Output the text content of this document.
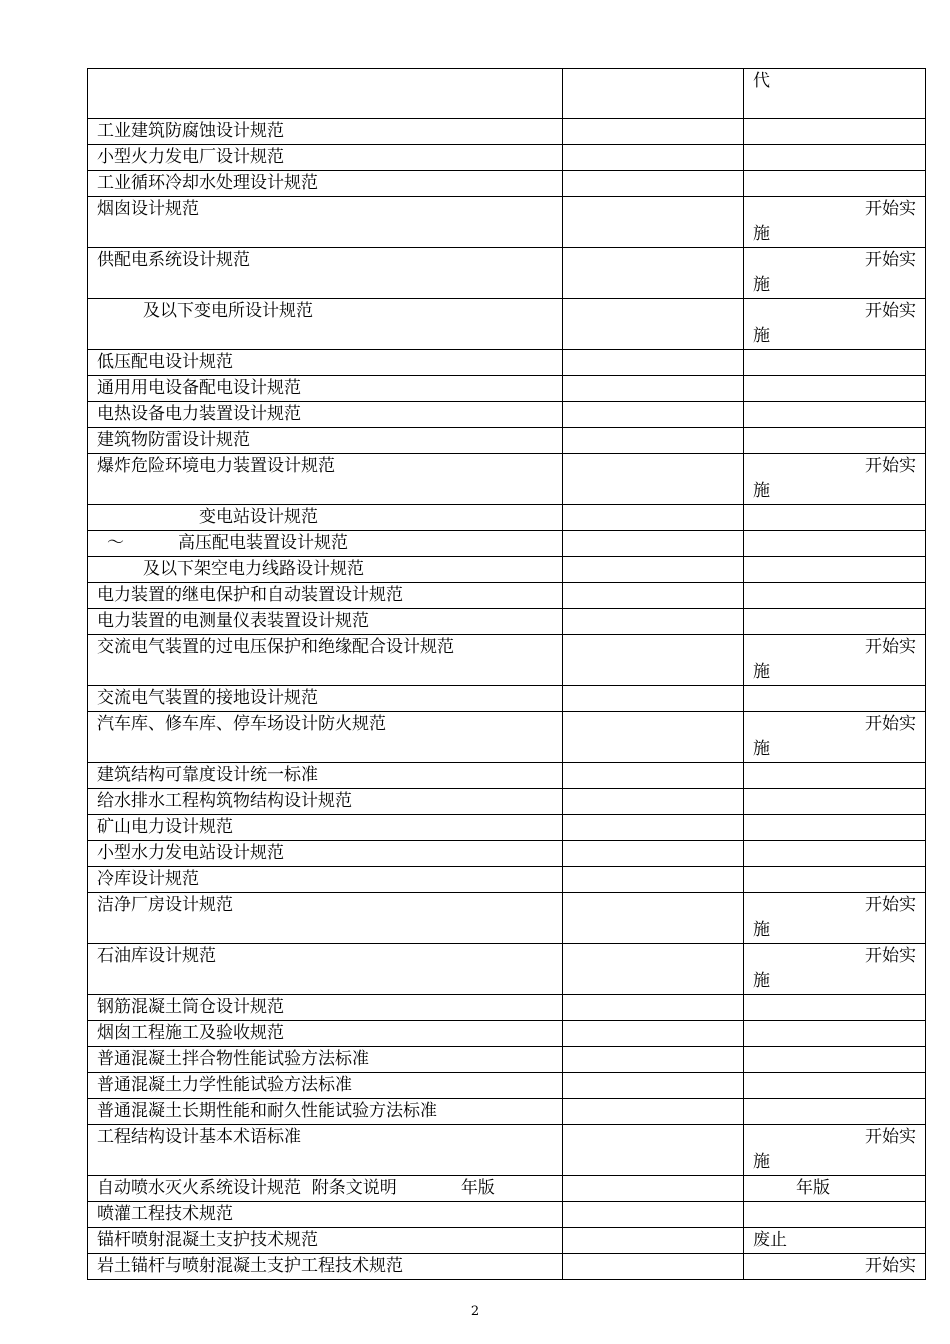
		代

工业建筑防腐蚀设计规范		

小型火力发电厂设计规范		

工业循环冷却水处理设计规范		

烟囱设计规范		开始实
施

供配电系统设计规范		开始实
施

及以下变电所设计规范		开始实
施

低压配电设计规范		

通用用电设备配电设计规范		

电热设备电力装置设计规范		

建筑物防雷设计规范		

爆炸危险环境电力装置设计规范		开始实
施

变电站设计规范		

～          高压配电装置设计规范		

及以下架空电力线路设计规范		

电力装置的继电保护和自动装置设计规范		

电力装置的电测量仪表装置设计规范		

交流电气装置的过电压保护和绝缘配合设计规范		开始实
施

交流电气装置的接地设计规范		

汽车库、修车库、停车场设计防火规范		开始实
施

建筑结构可靠度设计统一标准		

给水排水工程构筑物结构设计规范		

矿山电力设计规范		

小型水力发电站设计规范		

冷库设计规范		

洁净厂房设计规范		开始实
施

石油库设计规范		开始实
施

钢筋混凝土筒仓设计规范		

烟囱工程施工及验收规范		

普通混凝土拌合物性能试验方法标准		

普通混凝土力学性能试验方法标准		

普通混凝土长期性能和耐久性能试验方法标准		

工程结构设计基本术语标准		开始实
施

自动喷水灭火系统设计规范  附条文说明 年版		年版

喷灌工程技术规范		

锚杆喷射混凝土支护技术规范		废止

岩土锚杆与喷射混凝土支护工程技术规范		开始实
2
